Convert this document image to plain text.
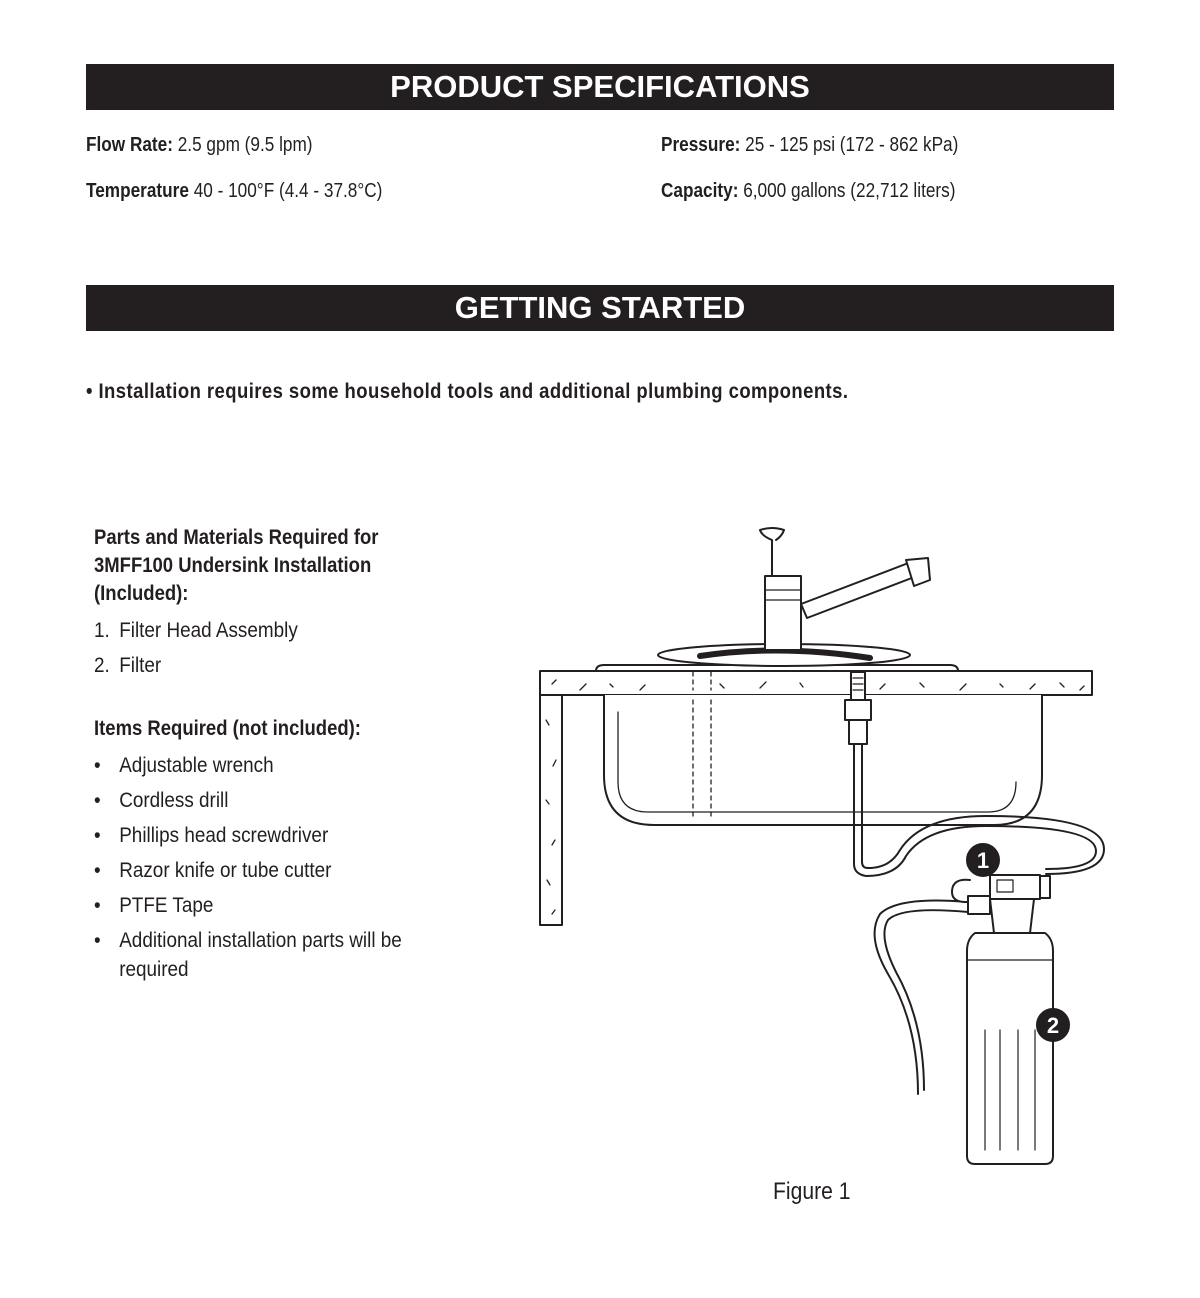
PRODUCT SPECIFICATIONS
Flow Rate: 2.5 gpm (9.5 lpm)
Temperature 40 - 100°F (4.4 - 37.8°C)
Pressure: 25 - 125 psi (172 - 862 kPa)
Capacity: 6,000 gallons (22,712 liters)
GETTING STARTED
• Installation requires some household tools and additional plumbing components.
Parts and Materials Required for 3MFF100 Undersink Installation (Included):
1. Filter Head Assembly
2. Filter
Items Required (not included):
• Adjustable wrench
• Cordless drill
• Phillips head screwdriver
• Razor knife or tube cutter
• PTFE Tape
• Additional installation parts will be required
1
2
Figure 1
